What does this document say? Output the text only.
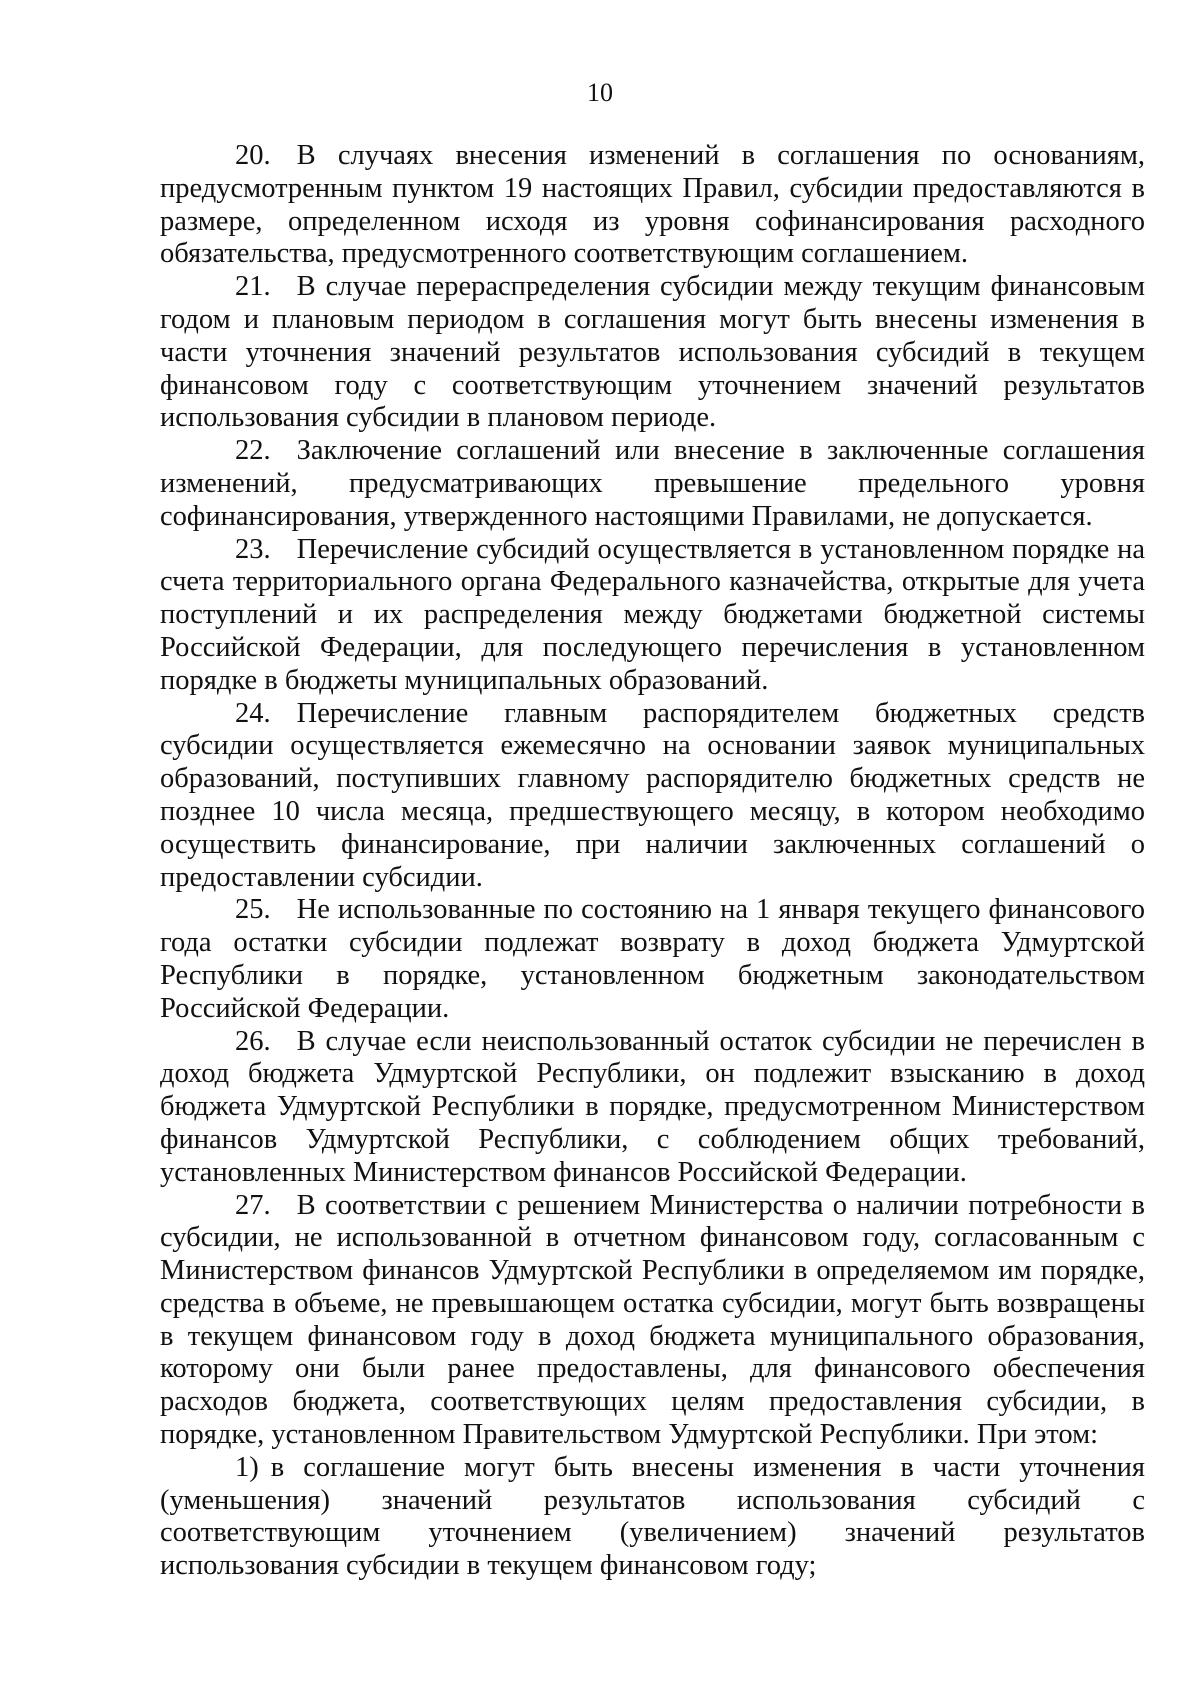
10

20. В случаях внесения изменений в соглашения по основаниям, предусмотренным пунктом 19 настоящих Правил, субсидии предоставляются в размере, определенном исходя из уровня софинансирования расходного обязательства, предусмотренного соответствующим соглашением.

21. В случае перераспределения субсидии между текущим финансовым годом и плановым периодом в соглашения могут быть внесены изменения в части уточнения значений результатов использования субсидий в текущем финансовом году с соответствующим уточнением значений результатов использования субсидии в плановом периоде.

22. Заключение соглашений или внесение в заключенные соглашения изменений, предусматривающих превышение предельного уровня софинансирования, утвержденного настоящими Правилами, не допускается.

23. Перечисление субсидий осуществляется в установленном порядке на счета территориального органа Федерального казначейства, открытые для учета поступлений и их распределения между бюджетами бюджетной системы Российской Федерации, для последующего перечисления в установленном порядке в бюджеты муниципальных образований.

24. Перечисление главным распорядителем бюджетных средств субсидии осуществляется ежемесячно на основании заявок муниципальных образований, поступивших главному распорядителю бюджетных средств не позднее 10 числа месяца, предшествующего месяцу, в котором необходимо осуществить финансирование, при наличии заключенных соглашений о предоставлении субсидии.

25. Не использованные по состоянию на 1 января текущего финансового года остатки субсидии подлежат возврату в доход бюджета Удмуртской Республики в порядке, установленном бюджетным законодательством Российской Федерации.

26. В случае если неиспользованный остаток субсидии не перечислен в доход бюджета Удмуртской Республики, он подлежит взысканию в доход бюджета Удмуртской Республики в порядке, предусмотренном Министерством финансов Удмуртской Республики, с соблюдением общих требований, установленных Министерством финансов Российской Федерации.

27. В соответствии с решением Министерства о наличии потребности в субсидии, не использованной в отчетном финансовом году, согласованным с Министерством финансов Удмуртской Республики в определяемом им порядке, средства в объеме, не превышающем остатка субсидии, могут быть возвращены в текущем финансовом году в доход бюджета муниципального образования, которому они были ранее предоставлены, для финансового обеспечения расходов бюджета, соответствующих целям предоставления субсидии, в порядке, установленном Правительством Удмуртской Республики. При этом:

1) в соглашение могут быть внесены изменения в части уточнения (уменьшения) значений результатов использования субсидий с соответствующим уточнением (увеличением) значений результатов использования субсидии в текущем финансовом году;
